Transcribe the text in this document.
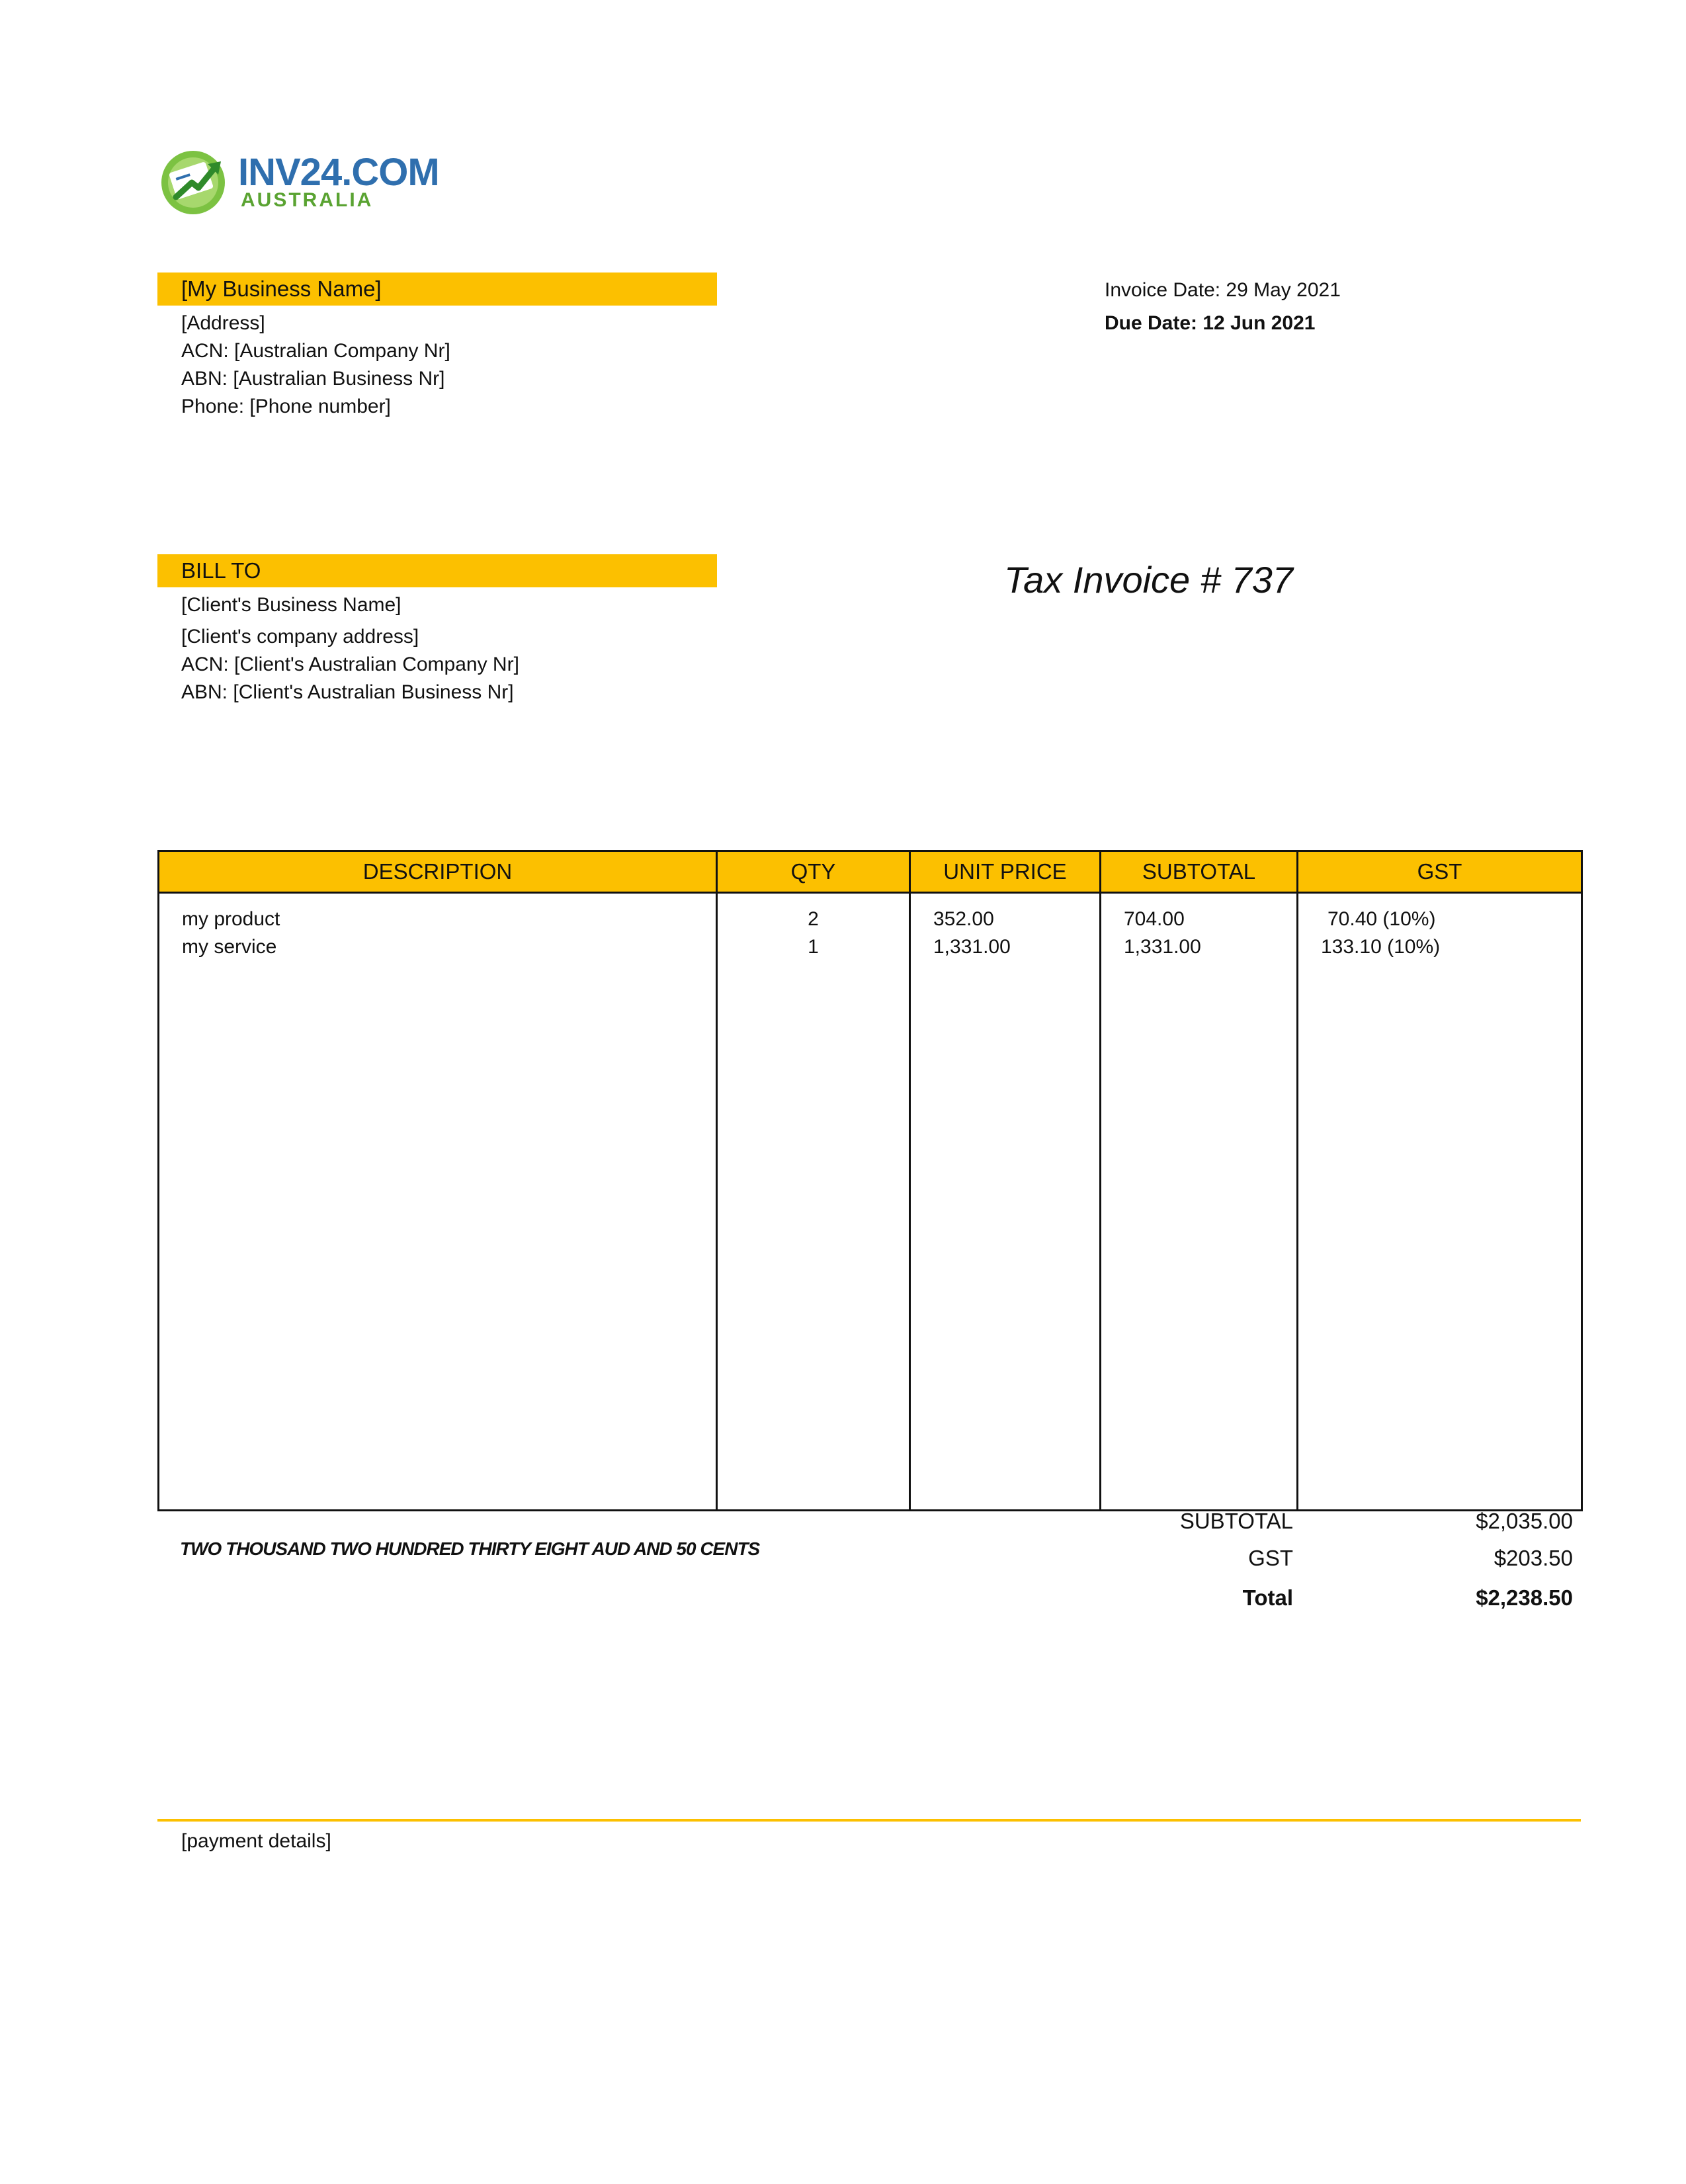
INV24.COM
AUSTRALIA
[My Business Name]
[Address]
ACN: [Australian Company Nr]
ABN: [Australian Business Nr]
Phone: [Phone number]
Invoice Date: 29 May 2021
Due Date: 12 Jun 2021
BILL TO
[Client's Business Name]
[Client's company address]
ACN: [Client's Australian Company Nr]
ABN: [Client's Australian Business Nr]
Tax Invoice # 737
DESCRIPTION	QTY	UNIT PRICE	SUBTOTAL	GST

my product	2	352.00	704.00	70.40 (10%)

my service	1	1,331.00	1,331.00	133.10 (10%)

TWO THOUSAND TWO HUNDRED THIRTY EIGHT AUD AND 50 CENTS
SUBTOTAL	$2,035.00
GST	$203.50
Total	$2,238.50
[payment details]
